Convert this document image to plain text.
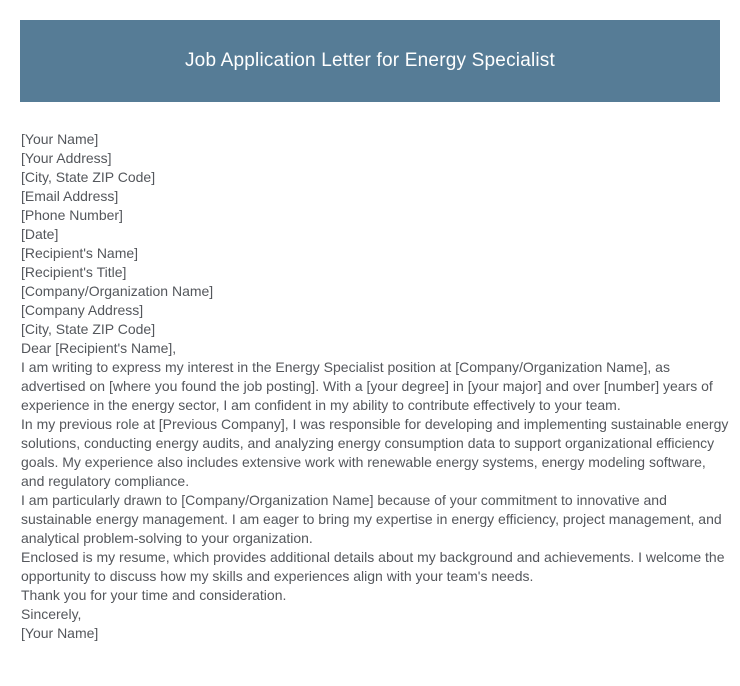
Job Application Letter for Energy Specialist
[Your Name]
[Your Address]
[City, State ZIP Code]
[Email Address]
[Phone Number]
[Date]
[Recipient's Name]
[Recipient's Title]
[Company/Organization Name]
[Company Address]
[City, State ZIP Code]
Dear [Recipient's Name],

I am writing to express my interest in the Energy Specialist position at [Company/Organization Name], as advertised on [where you found the job posting]. With a [your degree] in [your major] and over [number] years of experience in the energy sector, I am confident in my ability to contribute effectively to your team.

In my previous role at [Previous Company], I was responsible for developing and implementing sustainable energy solutions, conducting energy audits, and analyzing energy consumption data to support organizational efficiency goals. My experience also includes extensive work with renewable energy systems, energy modeling software, and regulatory compliance.

I am particularly drawn to [Company/Organization Name] because of your commitment to innovative and sustainable energy management. I am eager to bring my expertise in energy efficiency, project management, and analytical problem-solving to your organization.

Enclosed is my resume, which provides additional details about my background and achievements. I welcome the opportunity to discuss how my skills and experiences align with your team's needs.

Thank you for your time and consideration.

Sincerely,
[Your Name]
